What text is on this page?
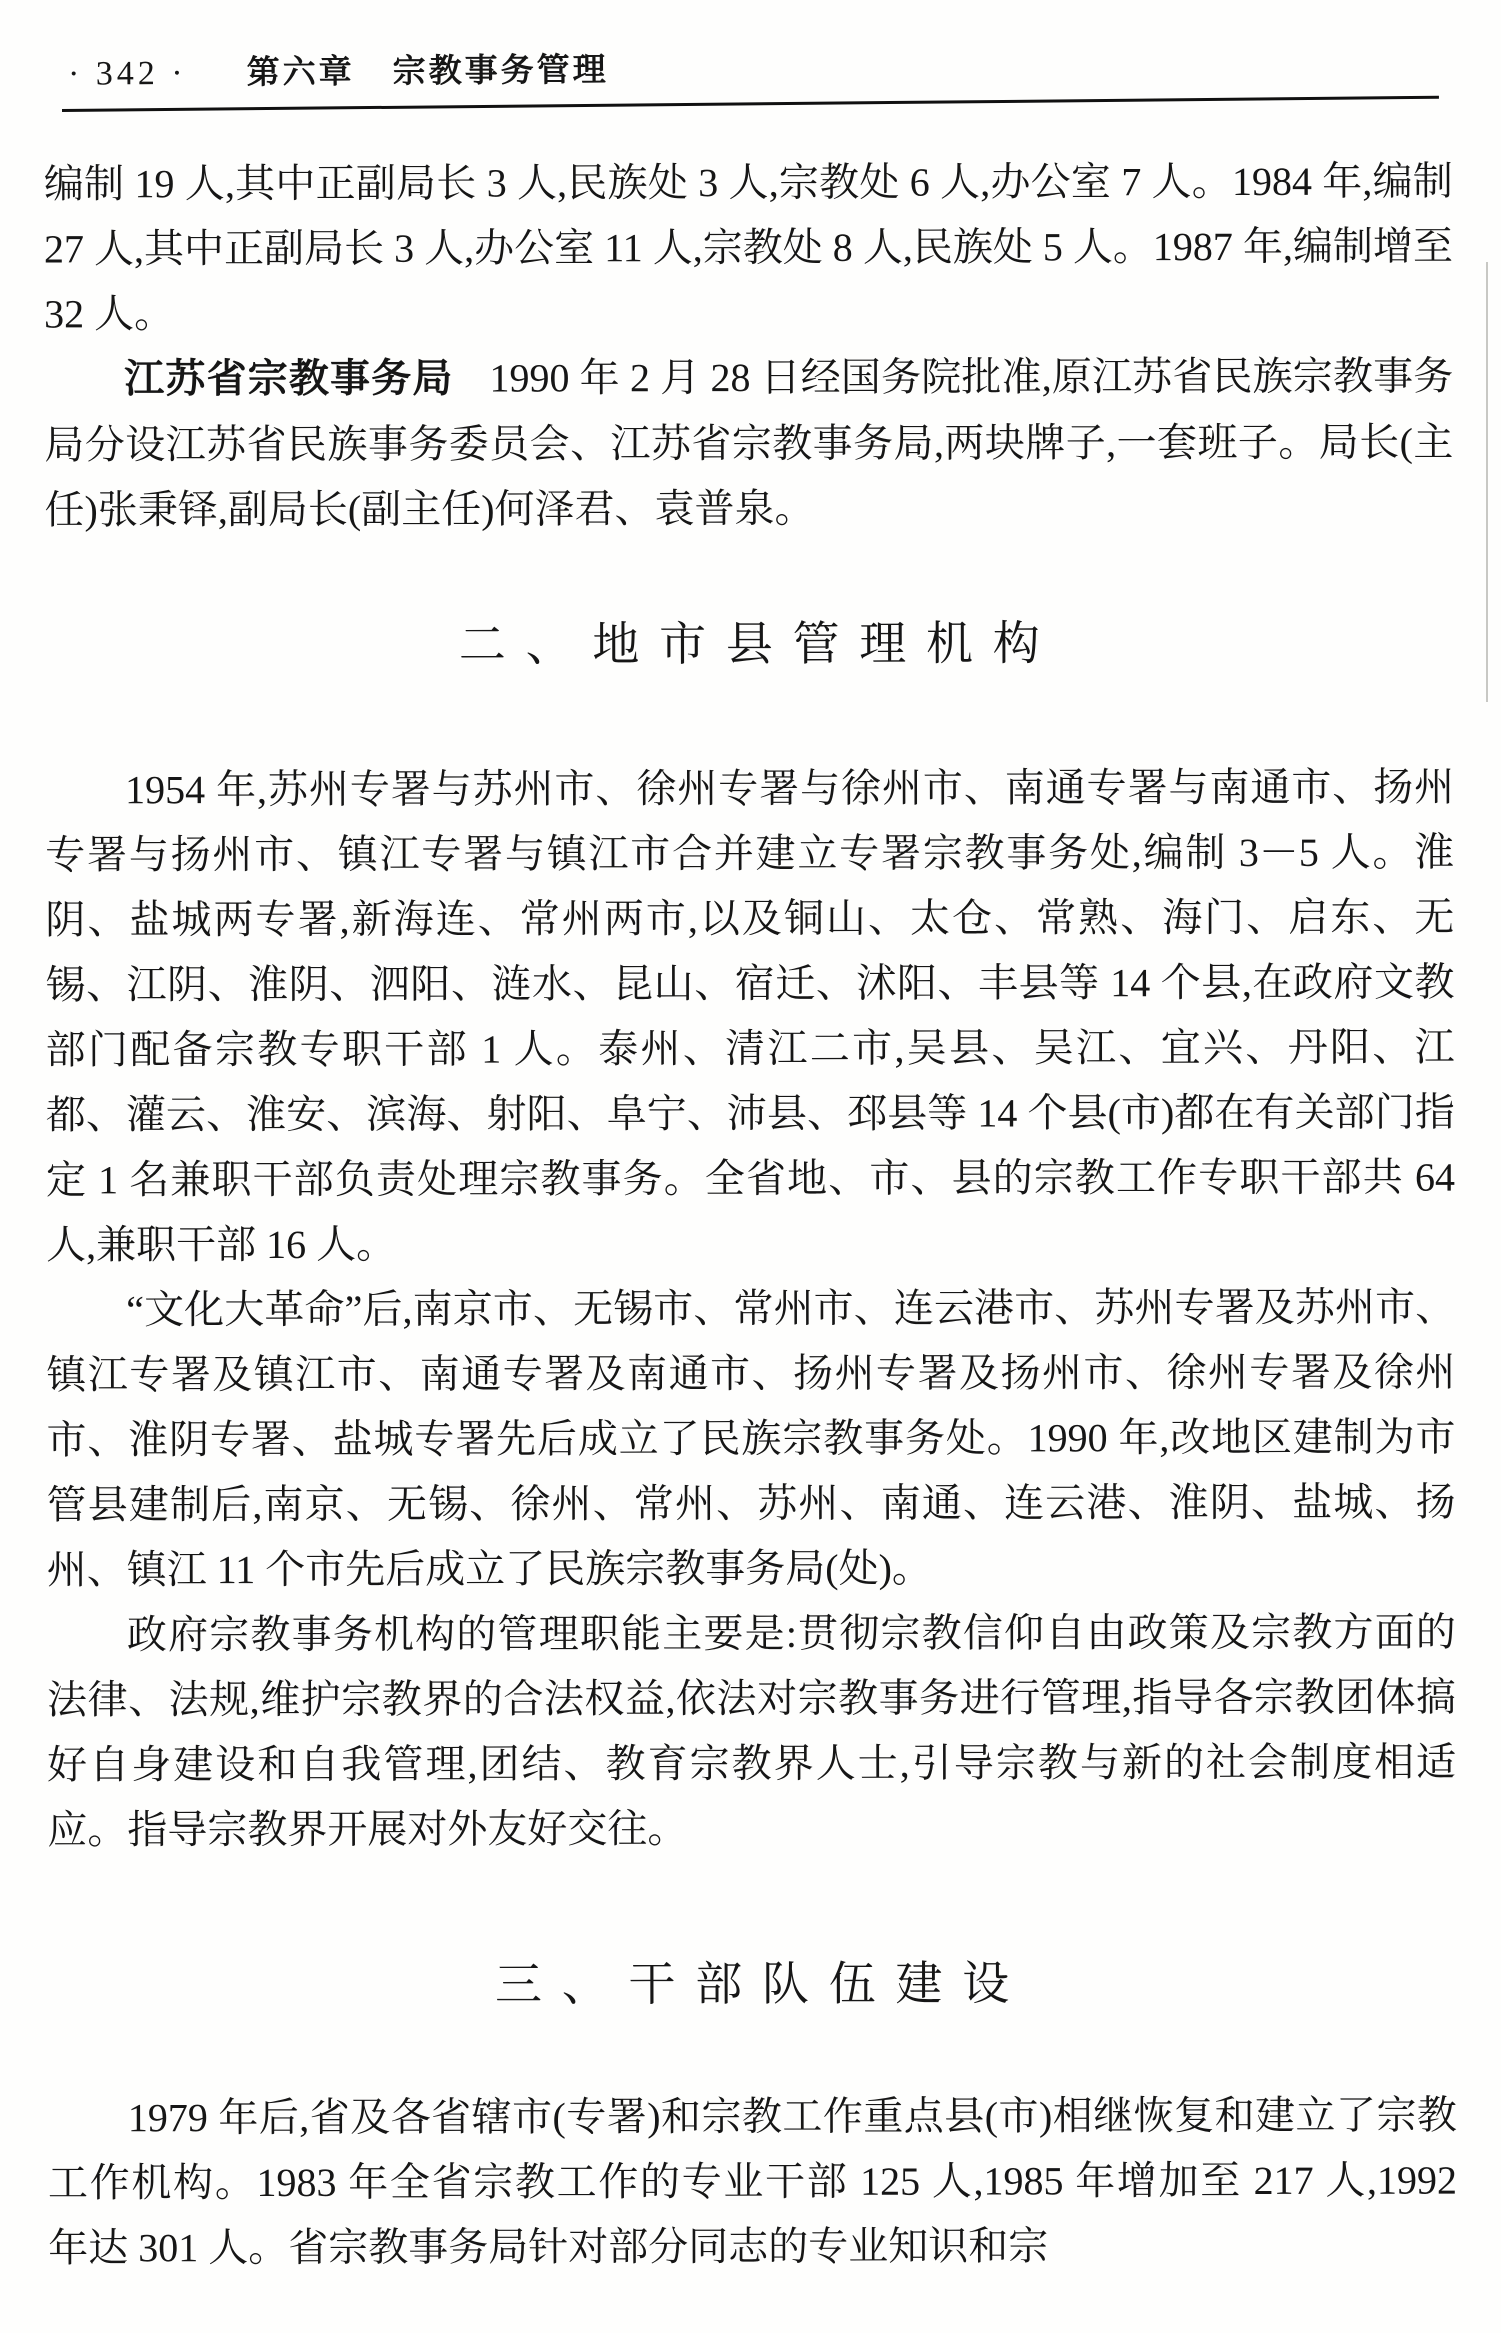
· 342 · 第六章 宗教事务管理

编制 19 人,其中正副局长 3 人,民族处 3 人,宗教处 6 人,办公室 7 人。1984 年,编制 27 人,其中正副局长 3 人,办公室 11 人,宗教处 8 人,民族处 5 人。1987 年,编制增至 32 人。

江苏省宗教事务局 1990 年 2 月 28 日经国务院批准,原江苏省民族宗教事务局分设江苏省民族事务委员会、江苏省宗教事务局,两块牌子,一套班子。局长(主任)张秉铎,副局长(副主任)何泽君、袁普泉。

二、地市县管理机构

1954 年,苏州专署与苏州市、徐州专署与徐州市、南通专署与南通市、扬州专署与扬州市、镇江专署与镇江市合并建立专署宗教事务处,编制 3－5 人。淮阴、盐城两专署,新海连、常州两市,以及铜山、太仓、常熟、海门、启东、无锡、江阴、淮阴、泗阳、涟水、昆山、宿迁、沭阳、丰县等 14 个县,在政府文教部门配备宗教专职干部 1 人。泰州、清江二市,吴县、吴江、宜兴、丹阳、江都、灌云、淮安、滨海、射阳、阜宁、沛县、邳县等 14 个县(市)都在有关部门指定 1 名兼职干部负责处理宗教事务。全省地、市、县的宗教工作专职干部共 64 人,兼职干部 16 人。

“文化大革命”后,南京市、无锡市、常州市、连云港市、苏州专署及苏州市、镇江专署及镇江市、南通专署及南通市、扬州专署及扬州市、徐州专署及徐州市、淮阴专署、盐城专署先后成立了民族宗教事务处。1990 年,改地区建制为市管县建制后,南京、无锡、徐州、常州、苏州、南通、连云港、淮阴、盐城、扬州、镇江 11 个市先后成立了民族宗教事务局(处)。

政府宗教事务机构的管理职能主要是:贯彻宗教信仰自由政策及宗教方面的法律、法规,维护宗教界的合法权益,依法对宗教事务进行管理,指导各宗教团体搞好自身建设和自我管理,团结、教育宗教界人士,引导宗教与新的社会制度相适应。指导宗教界开展对外友好交往。

三、干部队伍建设

1979 年后,省及各省辖市(专署)和宗教工作重点县(市)相继恢复和建立了宗教工作机构。1983 年全省宗教工作的专业干部 125 人,1985 年增加至 217 人,1992 年达 301 人。省宗教事务局针对部分同志的专业知识和宗
